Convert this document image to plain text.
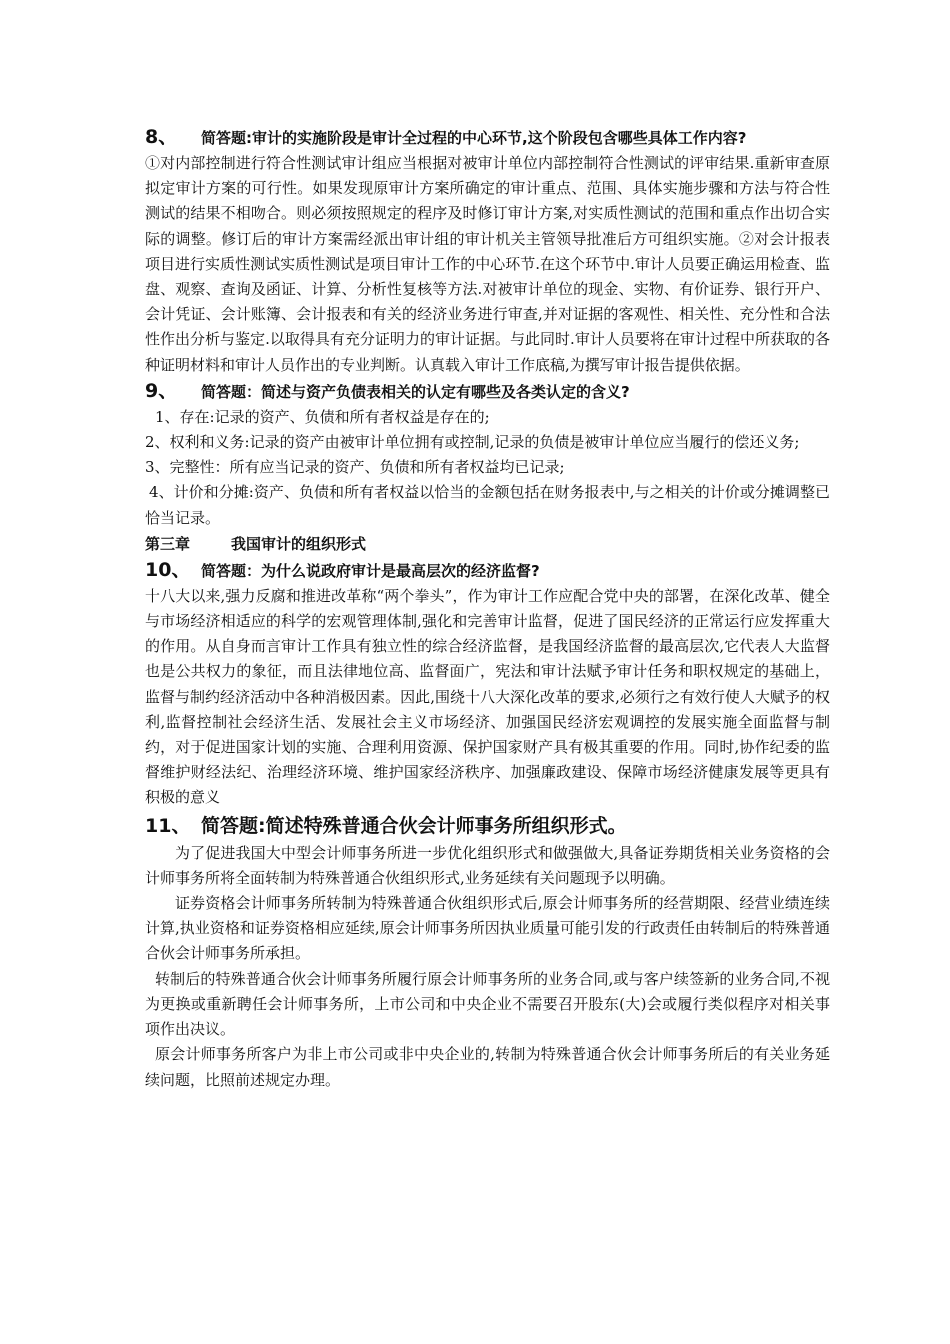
8、 简答题:审计的实施阶段是审计全过程的中心环节,这个阶段包含哪些具体工作内容?

①对内部控制进行符合性测试审计组应当根据对被审计单位内部控制符合性测试的评审结果.重新审查原拟定审计方案的可行性。如果发现原审计方案所确定的审计重点、范围、具体实施步骤和方法与符合性测试的结果不相吻合。则必须按照规定的程序及时修订审计方案,对实质性测试的范围和重点作出切合实际的调整。修订后的审计方案需经派出审计组的审计机关主管领导批准后方可组织实施。②对会计报表项目进行实质性测试实质性测试是项目审计工作的中心环节.在这个环节中.审计人员要正确运用检查、监盘、观察、查询及函证、计算、分析性复核等方法.对被审计单位的现金、实物、有价证券、银行开户、会计凭证、会计账簿、会计报表和有关的经济业务进行审查,并对证据的客观性、相关性、充分性和合法性作出分析与鉴定.以取得具有充分证明力的审计证据。与此同时.审计人员要将在审计过程中所获取的各种证明材料和审计人员作出的专业判断。认真载入审计工作底稿,为撰写审计报告提供依据。

9、 简答题：简述与资产负债表相关的认定有哪些及各类认定的含义?

1、存在:记录的资产、负债和所有者权益是存在的;

2、权利和义务:记录的资产由被审计单位拥有或控制,记录的负债是被审计单位应当履行的偿还义务;

3、完整性：所有应当记录的资产、负债和所有者权益均已记录;

4、计价和分摊:资产、负债和所有者权益以恰当的金额包括在财务报表中,与之相关的计价或分摊调整已恰当记录。

第三章	我国审计的组织形式

10、 简答题：为什么说政府审计是最高层次的经济监督?

十八大以来,强力反腐和推进改革称“两个拳头”，作为审计工作应配合党中央的部署，在深化改革、健全与市场经济相适应的科学的宏观管理体制,强化和完善审计监督，促进了国民经济的正常运行应发挥重大的作用。从自身而言审计工作具有独立性的综合经济监督，是我国经济监督的最高层次,它代表人大监督也是公共权力的象征，而且法律地位高、监督面广，宪法和审计法赋予审计任务和职权规定的基础上，监督与制约经济活动中各种消极因素。因此,围绕十八大深化改革的要求,必须行之有效行使人大赋予的权利,监督控制社会经济生活、发展社会主义市场经济、加强国民经济宏观调控的发展实施全面监督与制约，对于促进国家计划的实施、合理利用资源、保护国家财产具有极其重要的作用。同时,协作纪委的监督维护财经法纪、治理经济环境、维护国家经济秩序、加强廉政建设、保障市场经济健康发展等更具有积极的意义

11、 简答题:简述特殊普通合伙会计师事务所组织形式。

为了促进我国大中型会计师事务所进一步优化组织形式和做强做大,具备证券期货相关业务资格的会计师事务所将全面转制为特殊普通合伙组织形式,业务延续有关问题现予以明确。

证券资格会计师事务所转制为特殊普通合伙组织形式后,原会计师事务所的经营期限、经营业绩连续计算,执业资格和证券资格相应延续,原会计师事务所因执业质量可能引发的行政责任由转制后的特殊普通合伙会计师事务所承担。

转制后的特殊普通合伙会计师事务所履行原会计师事务所的业务合同,或与客户续签新的业务合同,不视为更换或重新聘任会计师事务所，上市公司和中央企业不需要召开股东(大)会或履行类似程序对相关事项作出决议。

原会计师事务所客户为非上市公司或非中央企业的,转制为特殊普通合伙会计师事务所后的有关业务延续问题，比照前述规定办理。
